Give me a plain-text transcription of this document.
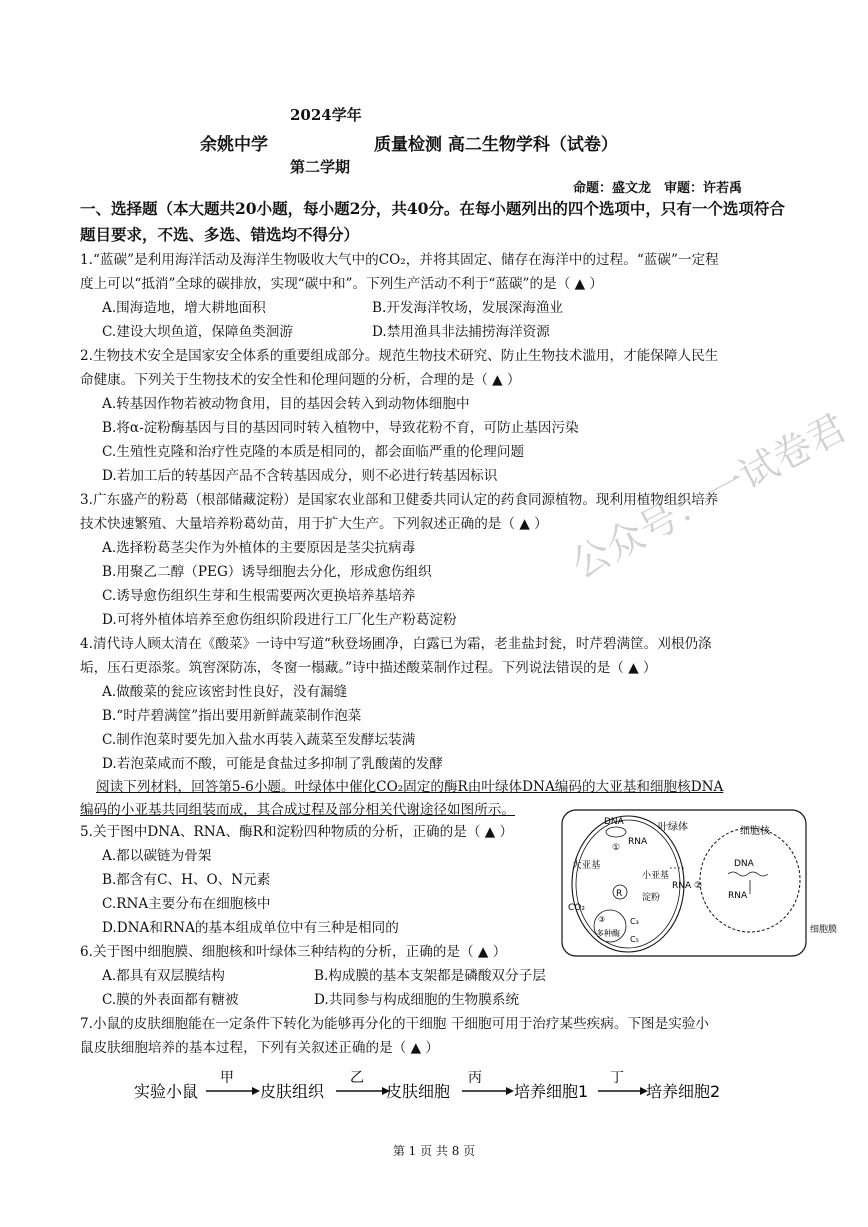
2024学年
余姚中学	质量检测 高二生物学科（试卷）
第二学期
命题：盛文龙　审题：许若禹
一、选择题（本大题共20小题，每小题2分，共40分。在每小题列出的四个选项中，只有一个选项符合题目要求，不选、多选、错选均不得分）
1.“蓝碳”是利用海洋活动及海洋生物吸收大气中的CO₂，并将其固定、储存在海洋中的过程。“蓝碳”一定程
度上可以“抵消”全球的碳排放，实现“碳中和”。下列生产活动不利于“蓝碳”的是（ ▲ ）
A.围海造地，增大耕地面积	B.开发海洋牧场，发展深海渔业
C.建设大坝鱼道，保障鱼类洄游	D.禁用渔具非法捕捞海洋资源
2.生物技术安全是国家安全体系的重要组成部分。规范生物技术研究、防止生物技术滥用，才能保障人民生
命健康。下列关于生物技术的安全性和伦理问题的分析，合理的是（ ▲ ）
A.转基因作物若被动物食用，目的基因会转入到动物体细胞中
B.将α-淀粉酶基因与目的基因同时转入植物中，导致花粉不育，可防止基因污染
C.生殖性克隆和治疗性克隆的本质是相同的，都会面临严重的伦理问题
D.若加工后的转基因产品不含转基因成分，则不必进行转基因标识
3.广东盛产的粉葛（根部储藏淀粉）是国家农业部和卫健委共同认定的药食同源植物。现利用植物组织培养
技术快速繁殖、大量培养粉葛幼苗，用于扩大生产。下列叙述正确的是（ ▲ ）
A.选择粉葛茎尖作为外植体的主要原因是茎尖抗病毒
B.用聚乙二醇（PEG）诱导细胞去分化，形成愈伤组织
C.诱导愈伤组织生芽和生根需要两次更换培养基培养
D.可将外植体培养至愈伤组织阶段进行工厂化生产粉葛淀粉
4.清代诗人顾太清在《酸菜》一诗中写道“秋登场圃净，白露已为霜，老韭盐封瓮，时芹碧满筐。刈根仍涤
垢，压石更添浆。筑窖深防冻，冬窗一榻藏。”诗中描述酸菜制作过程。下列说法错误的是（ ▲ ）
A.做酸菜的瓮应该密封性良好，没有漏缝
B.“时芹碧满筐”指出要用新鲜蔬菜制作泡菜
C.制作泡菜时要先加入盐水再装入蔬菜至发酵坛装满
D.若泡菜咸而不酸，可能是食盐过多抑制了乳酸菌的发酵
阅读下列材料，回答第5-6小题。叶绿体中催化CO₂固定的酶R由叶绿体DNA编码的大亚基和细胞核DNA
编码的小亚基共同组装而成，其合成过程及部分相关代谢途径如图所示。
5.关于图中DNA、RNA、酶R和淀粉四种物质的分析，正确的是（ ▲ ）
A.都以碳链为骨架
B.都含有C、H、O、N元素
C.RNA主要分布在细胞核中
D.DNA和RNA的基本组成单位中有三种是相同的
6.关于图中细胞膜、细胞核和叶绿体三种结构的分析，正确的是（ ▲ ）
A.都具有双层膜结构	B.构成膜的基本支架都是磷酸双分子层
C.膜的外表面都有糖被	D.共同参与构成细胞的生物膜系统
7.小鼠的皮肤细胞能在一定条件下转化为能够再分化的干细胞 干细胞可用于治疗某些疾病。下图是实验小
鼠皮肤细胞培养的基本过程，下列有关叙述正确的是（ ▲ ）
实验小鼠
甲
皮肤组织
乙
皮肤细胞
丙
培养细胞1
丁
培养细胞2
叶绿体	细胞核
细胞膜
DNA
RNA
①
大亚基
小亚基
R 淀粉
CO₂
③
多种酶
C₃
C₅
RNA ②
DNA
RNA
公众号：一试卷君
第 1 页 共 8 页
